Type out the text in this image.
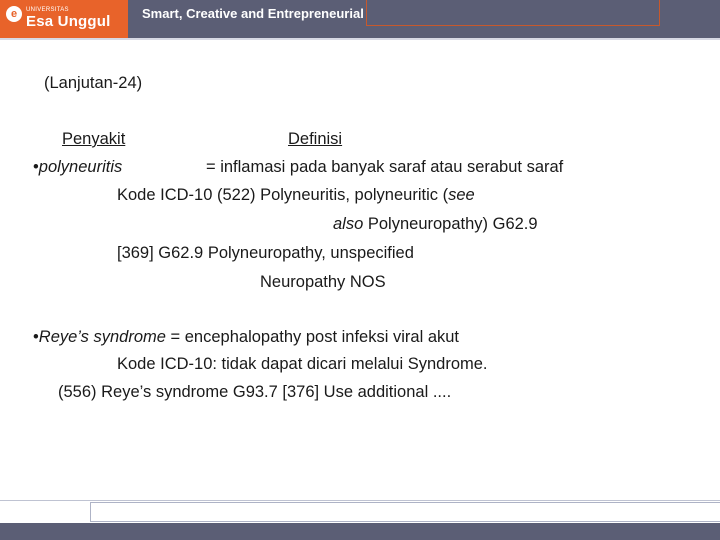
e	UNIVERSITAS
Esa Unggul Smart, Creative and Entrepreneurial
(Lanjutan-24)
Penyakit	Definisi
•polyneuritis	= inflamasi pada banyak saraf atau serabut saraf
Kode ICD-10 (522) Polyneuritis, polyneuritic (see
also Polyneuropathy) G62.9
[369] G62.9 Polyneuropathy, unspecified
Neuropathy NOS
•Reye’s syndrome = encephalopathy post infeksi viral akut
Kode ICD-10: tidak dapat dicari melalui Syndrome.
(556) Reye’s syndrome G93.7 [376] Use additional ....
